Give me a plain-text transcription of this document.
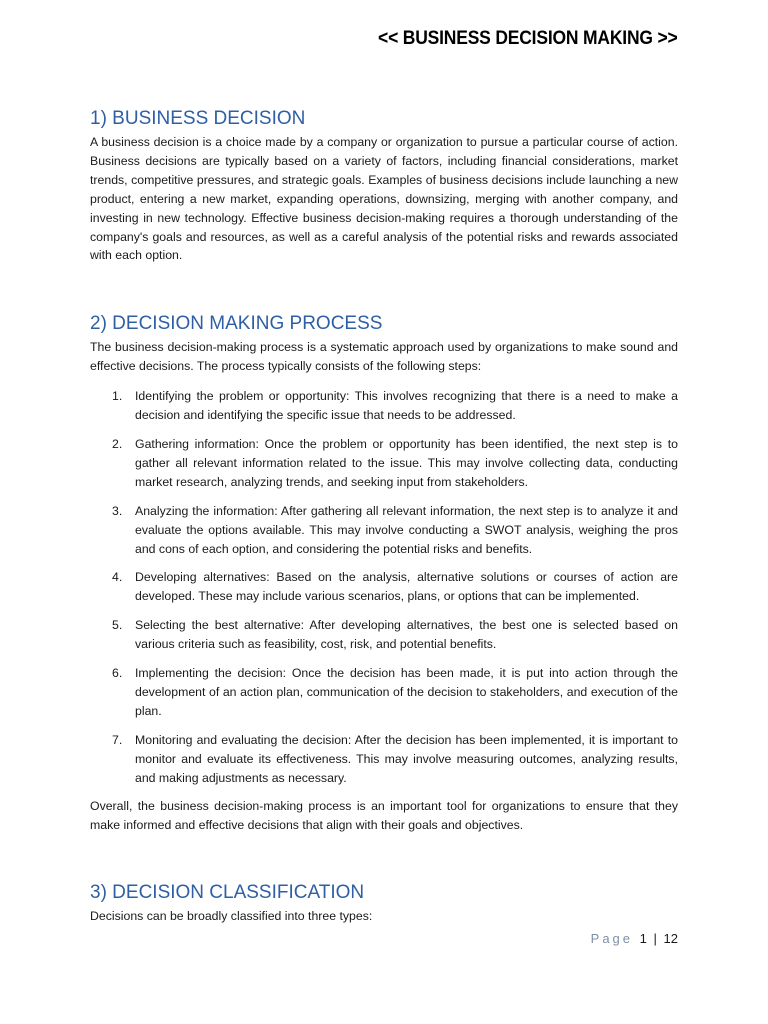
<< BUSINESS DECISION MAKING >>
1) BUSINESS DECISION

A business decision is a choice made by a company or organization to pursue a particular course of action. Business decisions are typically based on a variety of factors, including financial considerations, market trends, competitive pressures, and strategic goals. Examples of business decisions include launching a new product, entering a new market, expanding operations, downsizing, merging with another company, and investing in new technology. Effective business decision-making requires a thorough understanding of the company's goals and resources, as well as a careful analysis of the potential risks and rewards associated with each option.

2) DECISION MAKING PROCESS

The business decision-making process is a systematic approach used by organizations to make sound and effective decisions. The process typically consists of the following steps:

1. Identifying the problem or opportunity: This involves recognizing that there is a need to make a decision and identifying the specific issue that needs to be addressed.
2. Gathering information: Once the problem or opportunity has been identified, the next step is to gather all relevant information related to the issue. This may involve collecting data, conducting market research, analyzing trends, and seeking input from stakeholders.
3. Analyzing the information: After gathering all relevant information, the next step is to analyze it and evaluate the options available. This may involve conducting a SWOT analysis, weighing the pros and cons of each option, and considering the potential risks and benefits.
4. Developing alternatives: Based on the analysis, alternative solutions or courses of action are developed. These may include various scenarios, plans, or options that can be implemented.
5. Selecting the best alternative: After developing alternatives, the best one is selected based on various criteria such as feasibility, cost, risk, and potential benefits.
6. Implementing the decision: Once the decision has been made, it is put into action through the development of an action plan, communication of the decision to stakeholders, and execution of the plan.
7. Monitoring and evaluating the decision: After the decision has been implemented, it is important to monitor and evaluate its effectiveness. This may involve measuring outcomes, analyzing results, and making adjustments as necessary.

Overall, the business decision-making process is an important tool for organizations to ensure that they make informed and effective decisions that align with their goals and objectives.

3) DECISION CLASSIFICATION

Decisions can be broadly classified into three types:

Page 1 | 12
